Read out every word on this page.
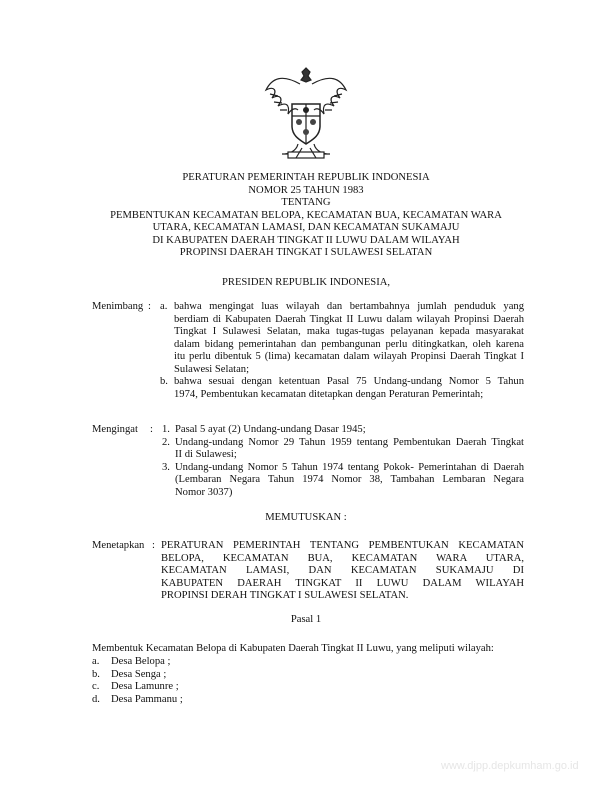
PERATURAN PEMERINTAH REPUBLIK INDONESIA
NOMOR 25 TAHUN 1983
TENTANG
PEMBENTUKAN KECAMATAN BELOPA, KECAMATAN BUA, KECAMATAN WARA
UTARA, KECAMATAN LAMASI, DAN KECAMATAN SUKAMAJU
DI KABUPATEN DAERAH TINGKAT II LUWU DALAM WILAYAH
PROPINSI DAERAH TINGKAT I SULAWESI SELATAN
PRESIDEN REPUBLIK INDONESIA,
Menimbang : a. bahwa mengingat luas wilayah dan bertambahnya jumlah penduduk yang
berdiam di Kabupaten Daerah Tingkat II Luwu dalam wilayah Propinsi Daerah
Tingkat I Sulawesi Selatan, maka tugas-tugas pelayanan kepada masyarakat
dalam bidang pemerintahan dan pembangunan perlu ditingkatkan, oleh karena
itu perlu dibentuk 5 (lima) kecamatan dalam wilayah Propinsi Daerah Tingkat I
Sulawesi Selatan;
b. bahwa sesuai dengan ketentuan Pasal 75 Undang-undang Nomor 5 Tahun
1974, Pembentukan kecamatan ditetapkan dengan Peraturan Pemerintah;
Mengingat : 1. Pasal 5 ayat (2) Undang-undang Dasar 1945;
2. Undang-undang Nomor 29 Tahun 1959 tentang Pembentukan Daerah Tingkat
II di Sulawesi;
3. Undang-undang Nomor 5 Tahun 1974 tentang Pokok- Pemerintahan di Daerah
(Lembaran Negara Tahun 1974 Nomor 38, Tambahan Lembaran Negara
Nomor 3037)
MEMUTUSKAN :
Menetapkan : PERATURAN PEMERINTAH TENTANG PEMBENTUKAN KECAMATAN
BELOPA, KECAMATAN BUA, KECAMATAN WARA UTARA,
KECAMATAN LAMASI, DAN KECAMATAN SUKAMAJU DI
KABUPATEN DAERAH TINGKAT II LUWU DALAM WILAYAH
PROPINSI DERAH TINGKAT I SULAWESI SELATAN.
Pasal 1
Membentuk Kecamatan Belopa di Kabupaten Daerah Tingkat II Luwu, yang meliputi wilayah:
a. Desa Belopa ;
b. Desa Senga ;
c. Desa Lamunre ;
d. Desa Pammanu ;
www.djpp.depkumham.go.id
